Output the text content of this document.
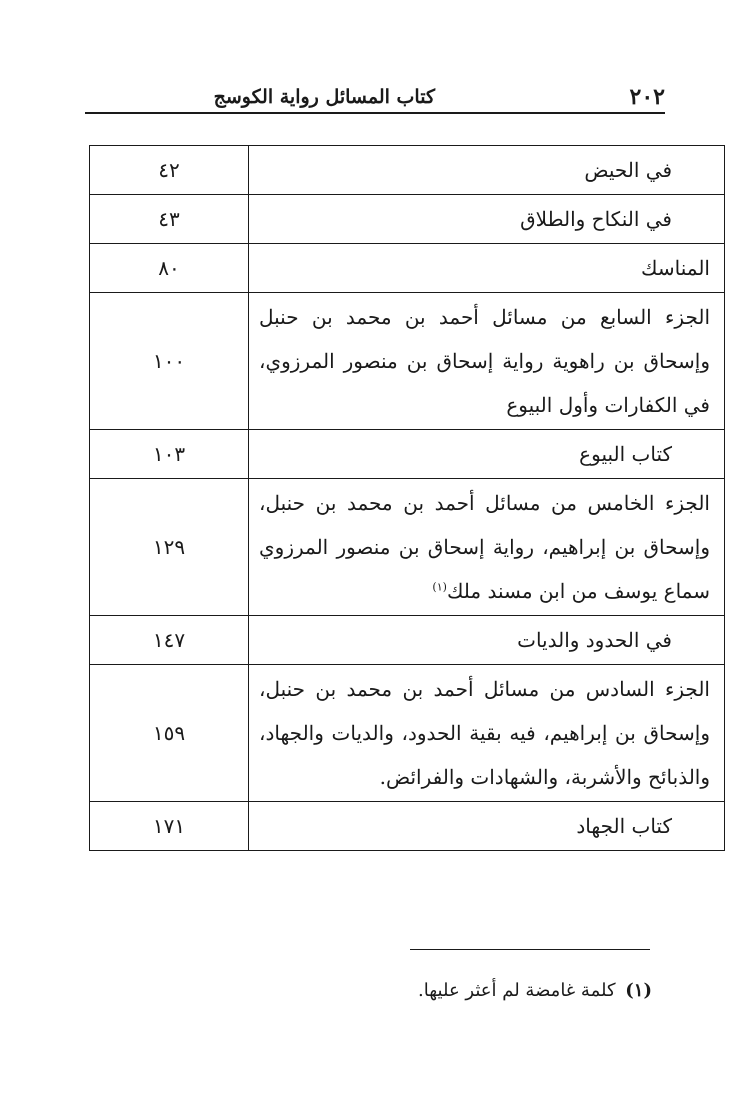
٢٠٢
كتاب المسائل رواية الكوسج
في الحيض	٤٢
في النكاح والطلاق	٤٣
المناسك	٨٠
الجزء السابع من مسائل أحمد بن محمد بن حنبل وإسحاق بن راهوية رواية إسحاق بن منصور المرزوي، في الكفارات وأول البيوع	١٠٠
كتاب البيوع	١٠٣
الجزء الخامس من مسائل أحمد بن محمد بن حنبل، وإسحاق بن إبراهيم، رواية إسحاق بن منصور المرزوي سماع يوسف من ابن مسند ملك$^{(١)}$	١٢٩
في الحدود والديات	١٤٧
الجزء السادس من مسائل أحمد بن محمد بن حنبل، وإسحاق بن إبراهيم، فيه بقية الحدود، والديات والجهاد، والذبائح والأشربة، والشهادات والفرائض.	١٥٩
كتاب الجهاد	١٧١
(١) كلمة غامضة لم أعثر عليها.
